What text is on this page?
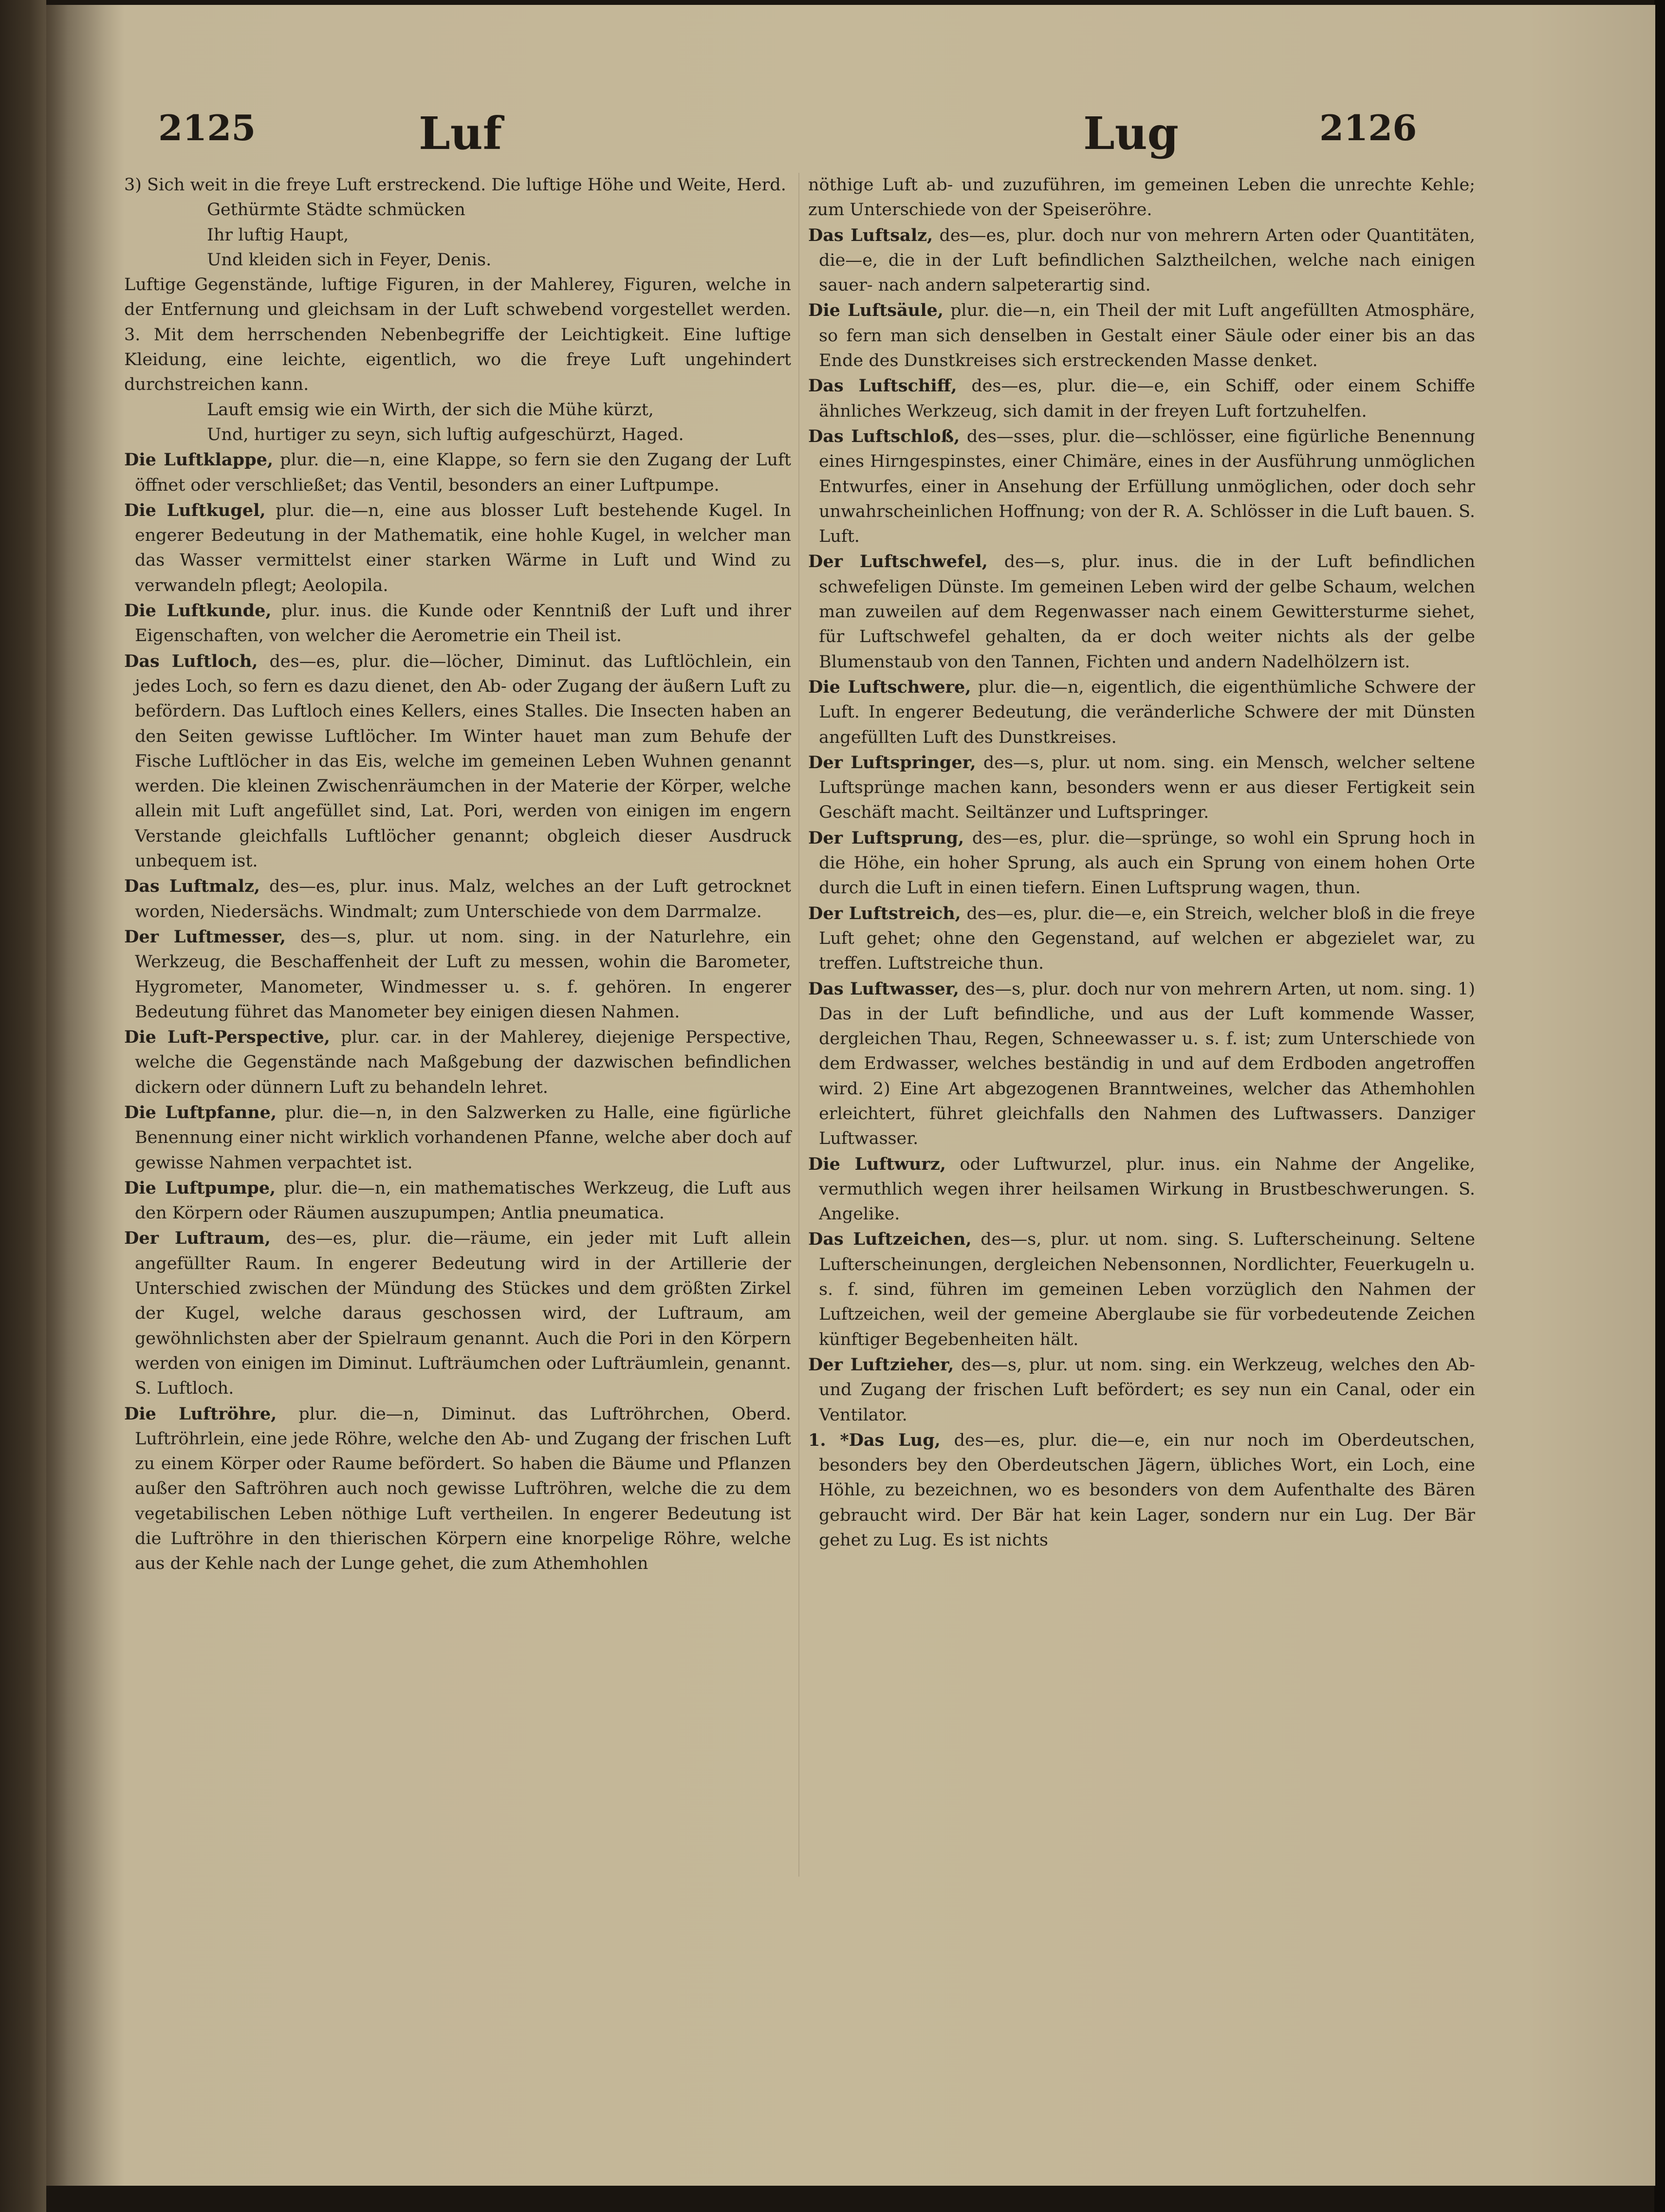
2125	Luf	Lug	2126

3) Sich weit in die freye Luft erstreckend. Die luftige Höhe und Weite, Herd.

Gethürmte Städte schmücken

Ihr luftig Haupt,

Und kleiden sich in Feyer, Denis.

Luftige Gegenstände, luftige Figuren, in der Mahlerey, Figuren, welche in der Entfernung und gleichsam in der Luft schwebend vorgestellet werden. 3. Mit dem herrschenden Nebenbegriffe der Leichtigkeit. Eine luftige Kleidung, eine leichte, eigentlich, wo die freye Luft ungehindert durchstreichen kann.

Lauft emsig wie ein Wirth, der sich die Mühe kürzt,

Und, hurtiger zu seyn, sich luftig aufgeschürzt, Haged.

Die Luftklappe, plur. die—n, eine Klappe, so fern sie den Zugang der Luft öffnet oder verschließet; das Ventil, besonders an einer Luftpumpe.

Die Luftkugel, plur. die—n, eine aus blosser Luft bestehende Kugel. In engerer Bedeutung in der Mathematik, eine hohle Kugel, in welcher man das Wasser vermittelst einer starken Wärme in Luft und Wind zu verwandeln pflegt; Aeolopila.

Die Luftkunde, plur. inus. die Kunde oder Kenntniß der Luft und ihrer Eigenschaften, von welcher die Aerometrie ein Theil ist.

Das Luftloch, des—es, plur. die—löcher, Diminut. das Luftlöchlein, ein jedes Loch, so fern es dazu dienet, den Ab- oder Zugang der äußern Luft zu befördern. Das Luftloch eines Kellers, eines Stalles. Die Insecten haben an den Seiten gewisse Luftlöcher. Im Winter hauet man zum Behufe der Fische Luftlöcher in das Eis, welche im gemeinen Leben Wuhnen genannt werden. Die kleinen Zwischenräumchen in der Materie der Körper, welche allein mit Luft angefüllet sind, Lat. Pori, werden von einigen im engern Verstande gleichfalls Luftlöcher genannt; obgleich dieser Ausdruck unbequem ist.

Das Luftmalz, des—es, plur. inus. Malz, welches an der Luft getrocknet worden, Niedersächs. Windmalt; zum Unterschiede von dem Darrmalze.

Der Luftmesser, des—s, plur. ut nom. sing. in der Naturlehre, ein Werkzeug, die Beschaffenheit der Luft zu messen, wohin die Barometer, Hygrometer, Manometer, Windmesser u. s. f. gehören. In engerer Bedeutung führet das Manometer bey einigen diesen Nahmen.

Die Luft-Perspective, plur. car. in der Mahlerey, diejenige Perspective, welche die Gegenstände nach Maßgebung der dazwischen befindlichen dickern oder dünnern Luft zu behandeln lehret.

Die Luftpfanne, plur. die—n, in den Salzwerken zu Halle, eine figürliche Benennung einer nicht wirklich vorhandenen Pfanne, welche aber doch auf gewisse Nahmen verpachtet ist.

Die Luftpumpe, plur. die—n, ein mathematisches Werkzeug, die Luft aus den Körpern oder Räumen auszupumpen; Antlia pneumatica.

Der Luftraum, des—es, plur. die—räume, ein jeder mit Luft allein angefüllter Raum. In engerer Bedeutung wird in der Artillerie der Unterschied zwischen der Mündung des Stückes und dem größten Zirkel der Kugel, welche daraus geschossen wird, der Luftraum, am gewöhnlichsten aber der Spielraum genannt. Auch die Pori in den Körpern werden von einigen im Diminut. Lufträumchen oder Lufträumlein, genannt. S. Luftloch.

Die Luftröhre, plur. die—n, Diminut. das Luftröhrchen, Oberd. Luftröhrlein, eine jede Röhre, welche den Ab- und Zugang der frischen Luft zu einem Körper oder Raume befördert. So haben die Bäume und Pflanzen außer den Saftröhren auch noch gewisse Luftröhren, welche die zu dem vegetabilischen Leben nöthige Luft vertheilen. In engerer Bedeutung ist die Luftröhre in den thierischen Körpern eine knorpelige Röhre, welche aus der Kehle nach der Lunge gehet, die zum Athemhohlen

nöthige Luft ab- und zuzuführen, im gemeinen Leben die unrechte Kehle; zum Unterschiede von der Speiseröhre.

Das Luftsalz, des—es, plur. doch nur von mehrern Arten oder Quantitäten, die—e, die in der Luft befindlichen Salztheilchen, welche nach einigen sauer- nach andern salpeterartig sind.

Die Luftsäule, plur. die—n, ein Theil der mit Luft angefüllten Atmosphäre, so fern man sich denselben in Gestalt einer Säule oder einer bis an das Ende des Dunstkreises sich erstreckenden Masse denket.

Das Luftschiff, des—es, plur. die—e, ein Schiff, oder einem Schiffe ähnliches Werkzeug, sich damit in der freyen Luft fortzuhelfen.

Das Luftschloß, des—sses, plur. die—schlösser, eine figürliche Benennung eines Hirngespinstes, einer Chimäre, eines in der Ausführung unmöglichen Entwurfes, einer in Ansehung der Erfüllung unmöglichen, oder doch sehr unwahrscheinlichen Hoffnung; von der R. A. Schlösser in die Luft bauen. S. Luft.

Der Luftschwefel, des—s, plur. inus. die in der Luft befindlichen schwefeligen Dünste. Im gemeinen Leben wird der gelbe Schaum, welchen man zuweilen auf dem Regenwasser nach einem Gewittersturme siehet, für Luftschwefel gehalten, da er doch weiter nichts als der gelbe Blumenstaub von den Tannen, Fichten und andern Nadelhölzern ist.

Die Luftschwere, plur. die—n, eigentlich, die eigenthümliche Schwere der Luft. In engerer Bedeutung, die veränderliche Schwere der mit Dünsten angefüllten Luft des Dunstkreises.

Der Luftspringer, des—s, plur. ut nom. sing. ein Mensch, welcher seltene Luftsprünge machen kann, besonders wenn er aus dieser Fertigkeit sein Geschäft macht. Seiltänzer und Luftspringer.

Der Luftsprung, des—es, plur. die—sprünge, so wohl ein Sprung hoch in die Höhe, ein hoher Sprung, als auch ein Sprung von einem hohen Orte durch die Luft in einen tiefern. Einen Luftsprung wagen, thun.

Der Luftstreich, des—es, plur. die—e, ein Streich, welcher bloß in die freye Luft gehet; ohne den Gegenstand, auf welchen er abgezielet war, zu treffen. Luftstreiche thun.

Das Luftwasser, des—s, plur. doch nur von mehrern Arten, ut nom. sing. 1) Das in der Luft befindliche, und aus der Luft kommende Wasser, dergleichen Thau, Regen, Schneewasser u. s. f. ist; zum Unterschiede von dem Erdwasser, welches beständig in und auf dem Erdboden angetroffen wird. 2) Eine Art abgezogenen Branntweines, welcher das Athemhohlen erleichtert, führet gleichfalls den Nahmen des Luftwassers. Danziger Luftwasser.

Die Luftwurz, oder Luftwurzel, plur. inus. ein Nahme der Angelike, vermuthlich wegen ihrer heilsamen Wirkung in Brustbeschwerungen. S. Angelike.

Das Luftzeichen, des—s, plur. ut nom. sing. S. Lufterscheinung. Seltene Lufterscheinungen, dergleichen Nebensonnen, Nordlichter, Feuerkugeln u. s. f. sind, führen im gemeinen Leben vorzüglich den Nahmen der Luftzeichen, weil der gemeine Aberglaube sie für vorbedeutende Zeichen künftiger Begebenheiten hält.

Der Luftzieher, des—s, plur. ut nom. sing. ein Werkzeug, welches den Ab- und Zugang der frischen Luft befördert; es sey nun ein Canal, oder ein Ventilator.

1. *Das Lug, des—es, plur. die—e, ein nur noch im Oberdeutschen, besonders bey den Oberdeutschen Jägern, übliches Wort, ein Loch, eine Höhle, zu bezeichnen, wo es besonders von dem Aufenthalte des Bären gebraucht wird. Der Bär hat kein Lager, sondern nur ein Lug. Der Bär gehet zu Lug. Es ist nichts
